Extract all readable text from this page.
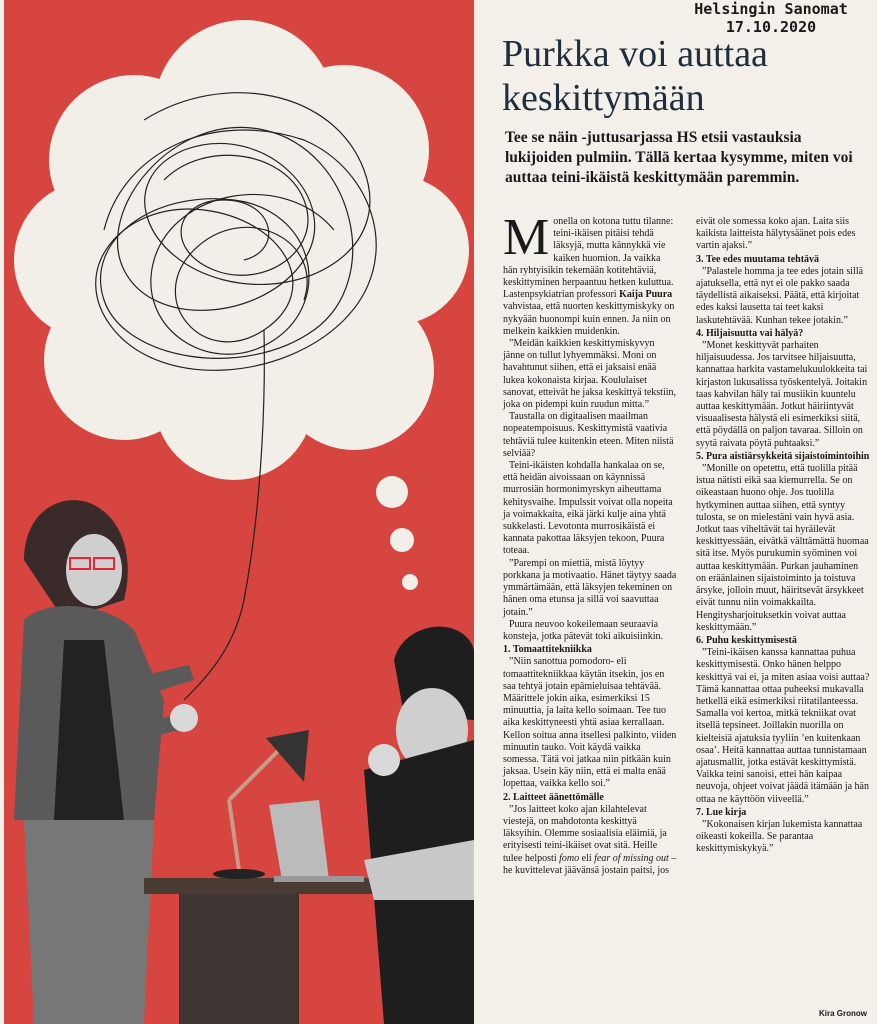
Helsingin Sanomat
17.10.2020
Purkka voi auttaa keskittymään

Tee se näin -juttusarjassa HS etsii vastauksia lukijoiden pulmiin. Tällä kertaa kysymme, miten voi auttaa teini-ikäistä keskittymään paremmin.

M onella on kotona tuttu tilanne: teini-ikäisen pitäisi tehdä läksyjä, mutta kännykkä vie kaiken huomion. Ja vaikka hän ryhtyisikin tekemään kotitehtäviä, keskittyminen herpaantuu hetken kuluttua. Lastenpsykiatrian professori Kaija Puura vahvistaa, että nuorten keskittymiskyky on nykyään huonompi kuin ennen. Ja niin on melkein kaikkien muidenkin.

”Meidän kaikkien keskittymiskyvyn jänne on tullut lyhyemmäksi. Moni on havahtunut siihen, että ei jaksaisi enää lukea kokonaista kirjaa. Koululaiset sanovat, etteivät he jaksa keskittyä tekstiin, joka on pidempi kuin ruudun mitta.”

Taustalla on digitaalisen maailman nopeatempoisuus. Keskittymistä vaativia tehtäviä tulee kuitenkin eteen. Miten niistä selviää?

Teini-ikäisten kohdalla hankalaa on se, että heidän aivoissaan on käynnissä murrosiän hormonimyrskyn aiheuttama kehitysvaihe. Impulssit voivat olla nopeita ja voimakkaita, eikä järki kulje aina yhtä sukkelasti. Levotonta murrosikäistä ei kannata pakottaa läksyjen tekoon, Puura toteaa.

”Parempi on miettiä, mistä löytyy porkkana ja motivaatio. Hänet täytyy saada ymmärtämään, että läksyjen tekeminen on hänen oma etunsa ja sillä voi saavuttaa jotain.”

Puura neuvoo kokeilemaan seuraavia konsteja, jotka pätevät toki aikuisiinkin.

1. Tomaattitekniikka

”Niin sanottua pomodoro- eli tomaattitekniikkaa käytän itsekin, jos en saa tehtyä jotain epämieluisaa tehtävää. Määrittele jokin aika, esimerkiksi 15 minuuttia, ja laita kello soimaan. Tee tuo aika keskittyneesti yhtä asiaa kerrallaan. Kellon soitua anna itsellesi palkinto, viiden minuutin tauko. Voit käydä vaikka somessa. Tätä voi jatkaa niin pitkään kuin jaksaa. Usein käy niin, että ei malta enää lopettaa, vaikka kello soi.”

2. Laitteet äänettömälle

”Jos laitteet koko ajan kilahtelevat viestejä, on mahdotonta keskittyä läksyihin. Olemme sosiaalisia eläimiä, ja erityisesti teini-ikäiset ovat sitä. Heille tulee helposti fomo eli fear of missing out – he kuvittelevat jäävänsä jostain paitsi, jos

eivät ole somessa koko ajan. Laita siis kaikista laitteista hälytysäänet pois edes vartin ajaksi.”

3. Tee edes muutama tehtävä

”Palastele homma ja tee edes jotain sillä ajatuksella, että nyt ei ole pakko saada täydellistä aikaiseksi. Päätä, että kirjoitat edes kaksi lausetta tai teet kaksi laskutehtävää. Kunhan tekee jotakin.”

4. Hiljaisuutta vai hälyä?

”Monet keskittyvät parhaiten hiljaisuudessa. Jos tarvitsee hiljaisuutta, kannattaa harkita vastamelukuulokkeita tai kirjaston lukusalissa työskentelyä. Joitakin taas kahvilan häly tai musiikin kuuntelu auttaa keskittymään. Jotkut häiriintyvät visuaalisesta hälystä eli esimerkiksi siitä, että pöydällä on paljon tavaraa. Silloin on syytä raivata pöytä puhtaaksi.”

5. Pura aistiärsykkeitä sijaistoimintoihin

”Monille on opetettu, että tuolilla pitää istua nätisti eikä saa kiemurrella. Se on oikeastaan huono ohje. Jos tuolilla hytkyminen auttaa siihen, että syntyy tulosta, se on mielestäni vain hyvä asia. Jotkut taas viheltävät tai hyräilevät keskittyessään, eivätkä välttämättä huomaa sitä itse. Myös purukumin syöminen voi auttaa keskittymään. Purkan jauhaminen on eräänlainen sijaistoiminto ja toistuva ärsyke, jolloin muut, häiritsevät ärsykkeet eivät tunnu niin voimakkailta. Hengitysharjoituksetkin voivat auttaa keskittymään.”

6. Puhu keskittymisestä

”Teini-ikäisen kanssa kannattaa puhua keskittymisestä. Onko hänen helppo keskittyä vai ei, ja miten asiaa voisi auttaa? Tämä kannattaa ottaa puheeksi mukavalla hetkellä eikä esimerkiksi riitatilanteessa. Samalla voi kertoa, mitkä tekniikat ovat itsellä tepsineet. Joillakin nuorilla on kielteisiä ajatuksia tyyliin ’en kuitenkaan osaa’. Heitä kannattaa auttaa tunnistamaan ajatusmallit, jotka estävät keskittymistä. Vaikka teini sanoisi, ettei hän kaipaa neuvoja, ohjeet voivat jäädä itämään ja hän ottaa ne käyttöön viiveellä.”

7. Lue kirja

”Kokonaisen kirjan lukemista kannattaa oikeasti kokeilla. Se parantaa keskittymiskykyä.”

Kira Gronow
